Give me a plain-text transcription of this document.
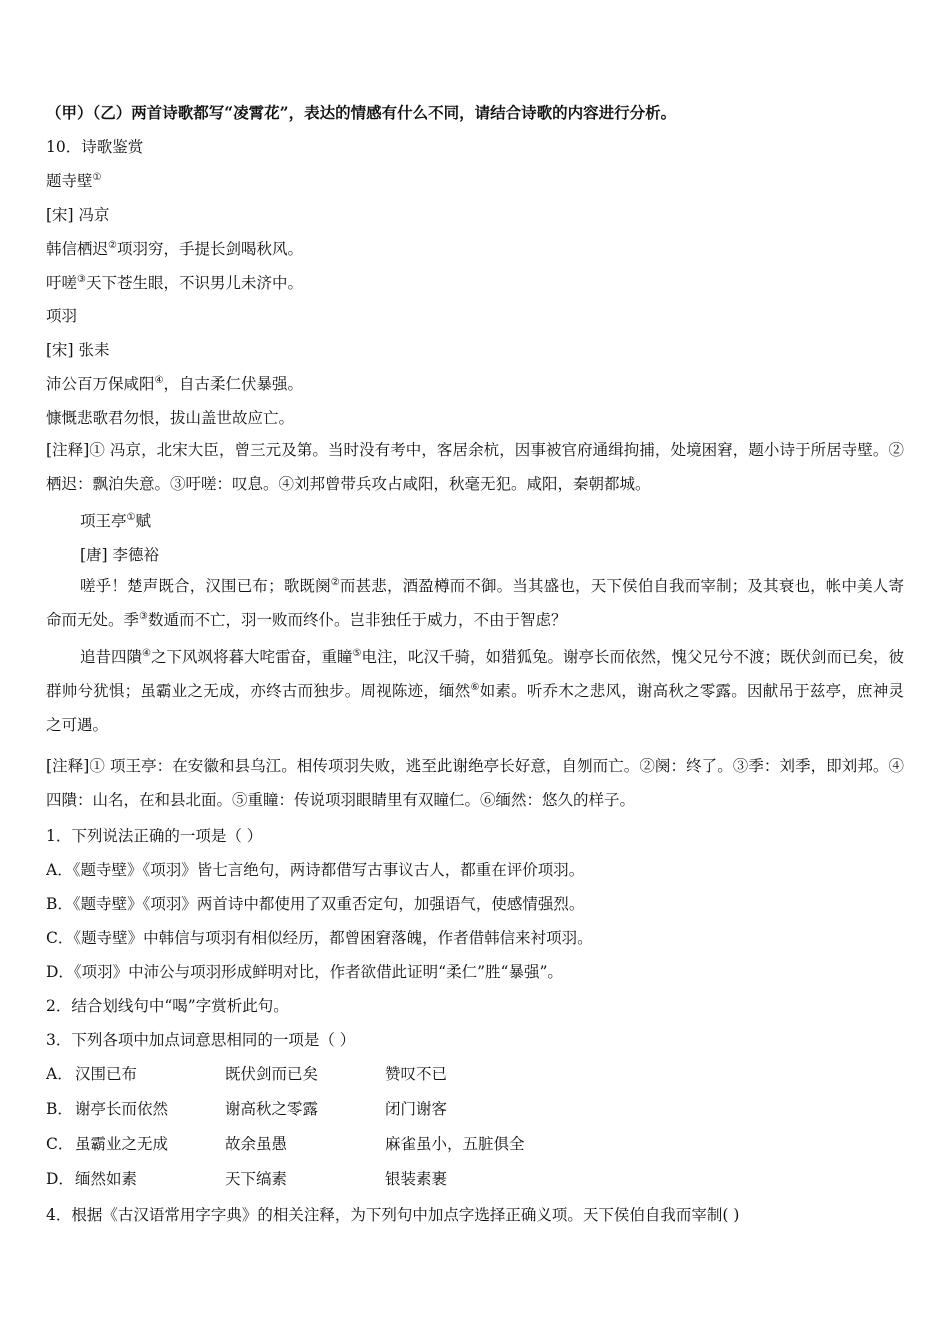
（甲）（乙）两首诗歌都写“凌霄花”，表达的情感有什么不同，请结合诗歌的内容进行分析。
10．诗歌鉴赏
题寺壁①
[宋] 冯京
韩信栖迟②项羽穷，手提长剑喝秋风。
吁嗟③天下苍生眼，不识男儿未济中。
项羽
[宋] 张耒
沛公百万保咸阳④，自古柔仁伏暴强。
慷慨悲歌君勿恨，拔山盖世故应亡。
[注释]① 冯京，北宋大臣，曾三元及第。当时没有考中，客居余杭，因事被官府通缉拘捕，处境困窘，题小诗于所居寺壁。②栖迟：飘泊失意。③吁嗟：叹息。④刘邦曾带兵攻占咸阳，秋毫无犯。咸阳，秦朝都城。
项王亭①赋
[唐] 李德裕
嗟乎！楚声既合，汉围已布；歌既阕②而甚悲，酒盈樽而不御。当其盛也，天下侯伯自我而宰制；及其衰也，帐中美人寄命而无处。季③数遁而不亡，羽一败而终仆。岂非独任于威力，不由于智虑？
追昔四隤④之下风飒将暮大咤雷奋，重瞳⑤电注，叱汉千骑，如猎狐兔。谢亭长而依然，愧父兄兮不渡；既伏剑而已矣，彼群帅兮犹惧；虽霸业之无成，亦终古而独步。周视陈迹，缅然⑥如素。听乔木之悲风，谢高秋之零露。因献吊于兹亭，庶神灵之可遇。
[注释]① 项王亭：在安徽和县乌江。相传项羽失败，逃至此谢绝亭长好意，自刎而亡。②阕：终了。③季：刘季，即刘邦。④四隤：山名，在和县北面。⑤重瞳：传说项羽眼睛里有双瞳仁。⑥缅然：悠久的样子。
1．下列说法正确的一项是（ ）
A．《题寺壁》《项羽》皆七言绝句，两诗都借写古事议古人，都重在评价项羽。
B．《题寺壁》《项羽》两首诗中都使用了双重否定句，加强语气，使感情强烈。
C．《题寺壁》中韩信与项羽有相似经历，都曾困窘落魄，作者借韩信来衬项羽。
D．《项羽》中沛公与项羽形成鲜明对比，作者欲借此证明“柔仁”胜“暴强”。
2．结合划线句中“喝”字赏析此句。
3．下列各项中加点词意思相同的一项是（ ）
A． 汉围已布	既伏剑而已矣	赞叹不已
B． 谢亭长而依然	谢高秋之零露	闭门谢客
C． 虽霸业之无成	故余虽愚	麻雀虽小，五脏俱全
D． 缅然如素	天下缟素	银装素裹
4．根据《古汉语常用字字典》的相关注释，为下列句中加点字选择正确义项。天下侯伯自我而宰制( )
